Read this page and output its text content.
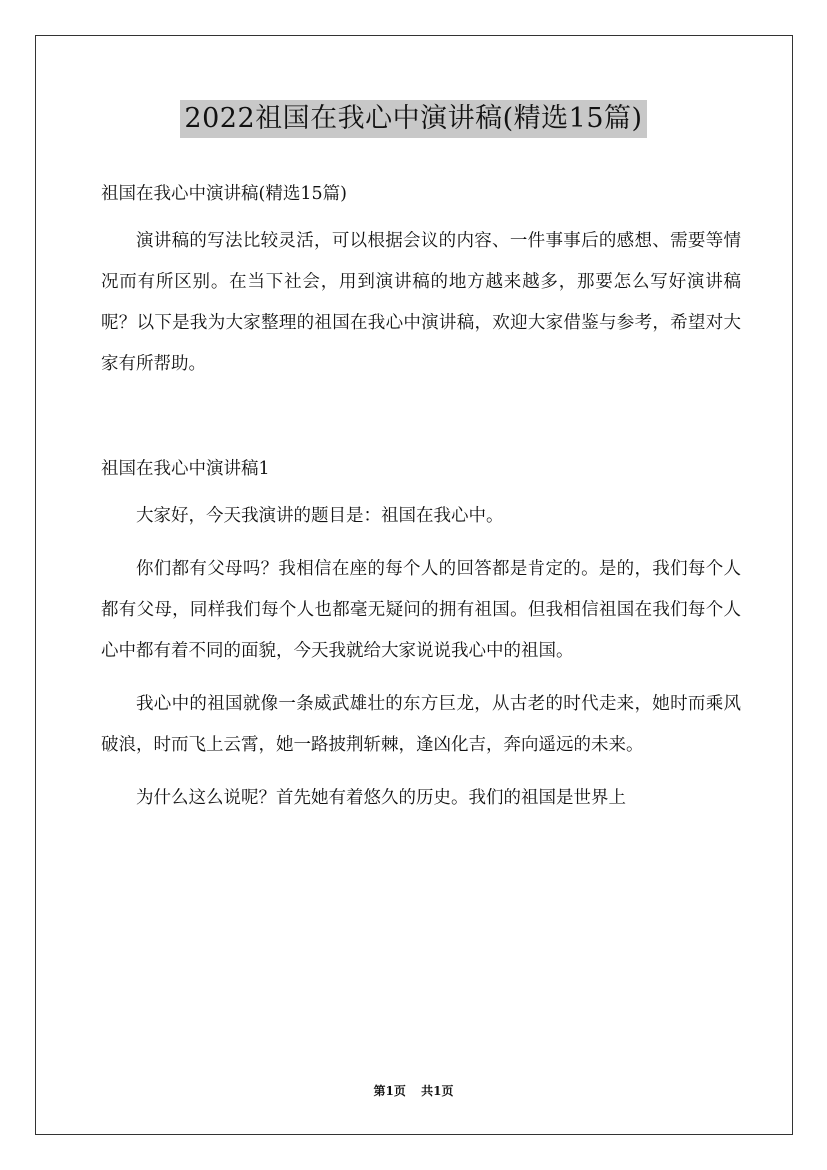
2022祖国在我心中演讲稿(精选15篇)

祖国在我心中演讲稿(精选15篇)

演讲稿的写法比较灵活，可以根据会议的内容、一件事事后的感想、需要等情况而有所区别。在当下社会，用到演讲稿的地方越来越多，那要怎么写好演讲稿呢？以下是我为大家整理的祖国在我心中演讲稿，欢迎大家借鉴与参考，希望对大家有所帮助。

祖国在我心中演讲稿1

大家好，今天我演讲的题目是：祖国在我心中。

你们都有父母吗？我相信在座的每个人的回答都是肯定的。是的，我们每个人都有父母，同样我们每个人也都毫无疑问的拥有祖国。但我相信祖国在我们每个人心中都有着不同的面貌，今天我就给大家说说我心中的祖国。

我心中的祖国就像一条威武雄壮的东方巨龙，从古老的时代走来，她时而乘风破浪，时而飞上云霄，她一路披荆斩棘，逢凶化吉，奔向遥远的未来。

为什么这么说呢？首先她有着悠久的历史。我们的祖国是世界上

第1页 共1页
